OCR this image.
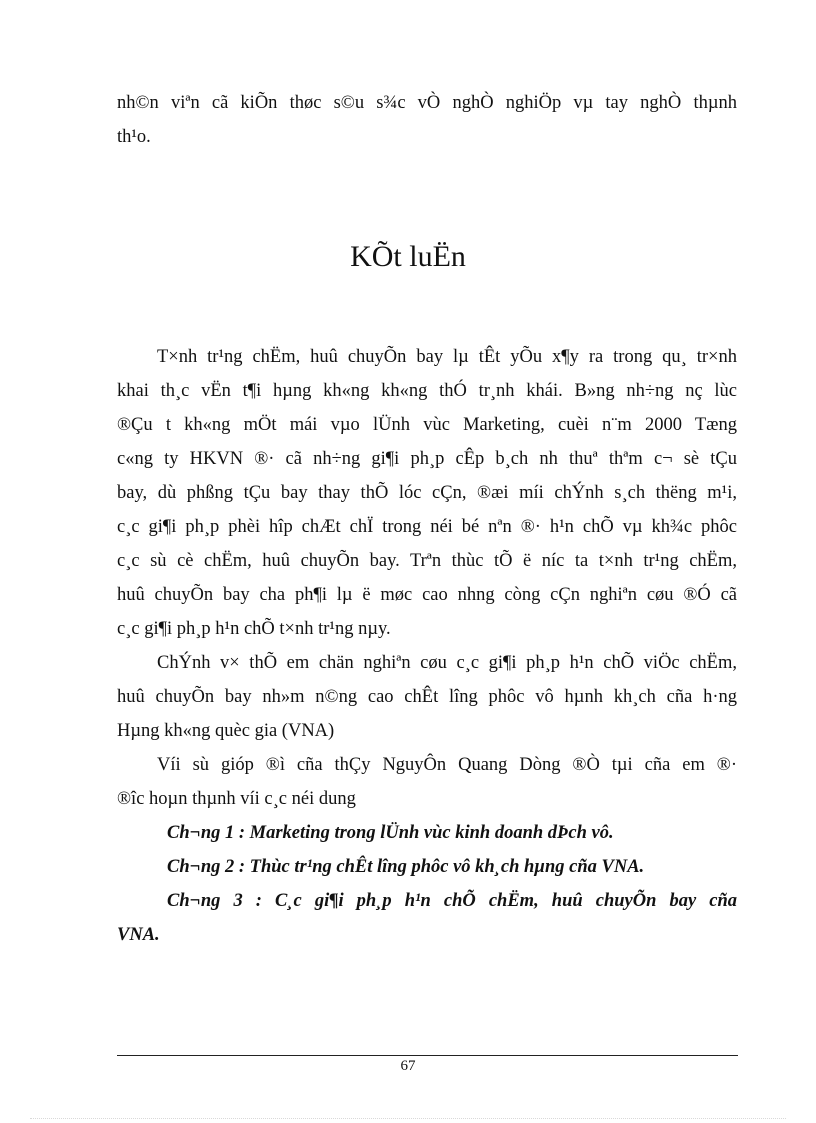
nh©n viªn cã kiÕn thøc s©u s¾c vÒ nghÒ nghiÖp vµ tay nghÒ thµnh
th¹o.
KÕt luËn
T×nh tr¹ng chËm, huû chuyÕn bay lµ tÊt yÕu x¶y ra trong qu¸ tr×nh
khai th¸c vËn t¶i hµng kh«ng kh«ng thÓ tr¸nh khái. B»ng nh÷ng nç lùc
®Çu t kh«ng mÖt mái vµo lÜnh vùc Marketing, cuèi n¨m 2000 Tæng
c«ng ty HKVN ®· cã nh÷ng gi¶i ph¸p cÊp b¸ch nh thuª thªm c¬ sè tÇu
bay, dù phßng tÇu bay thay thÕ lóc cÇn, ®æi míi chÝnh s¸ch thëng m¹i,
c¸c gi¶i ph¸p phèi hîp chÆt chÏ trong néi bé nªn ®· h¹n chÕ vµ kh¾c phôc
c¸c sù cè chËm, huû chuyÕn bay. Trªn thùc tÕ ë níc ta t×nh tr¹ng chËm,
huû chuyÕn bay cha ph¶i lµ ë møc cao nhng còng cÇn nghiªn cøu ®Ó cã
c¸c gi¶i ph¸p h¹n chÕ t×nh tr¹ng nµy.
ChÝnh v× thÕ em chän nghiªn cøu c¸c gi¶i ph¸p h¹n chÕ viÖc chËm,
huû chuyÕn bay nh»m n©ng cao chÊt lîng phôc vô hµnh kh¸ch cña h·ng
Hµng kh«ng quèc gia (VNA)
Víi sù gióp ®ì cña thÇy NguyÔn Quang Dòng ®Ò tµi cña em ®·
®îc hoµn thµnh víi c¸c néi dung
Ch¬ng 1 : Marketing trong lÜnh vùc kinh doanh dÞch vô.
Ch¬ng 2 : Thùc tr¹ng chÊt lîng phôc vô kh¸ch hµng cña VNA.
Ch¬ng 3 : C¸c gi¶i ph¸p h¹n chÕ chËm, huû chuyÕn bay cña
VNA.
67
